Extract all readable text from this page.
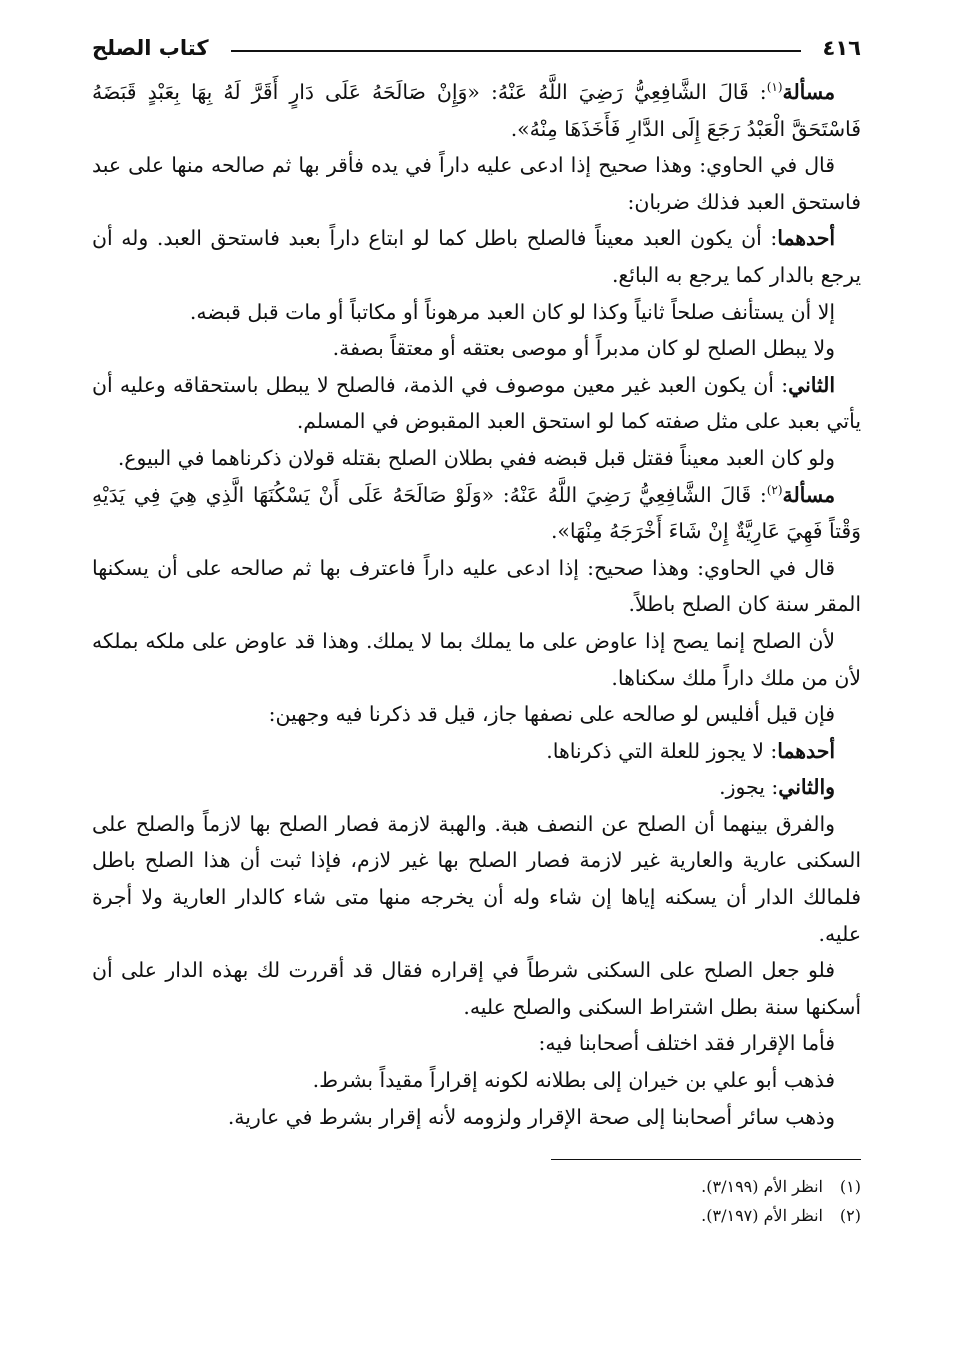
٤١٦
كتاب الصلح

مسألة$^{(١)}$: قَالَ الشَّافِعِيُّ رَضِيَ اللَّهُ عَنْهُ: «وَإِنْ صَالَحَهُ عَلَى دَارٍ أَقَرَّ لَهُ بِهَا بِعَبْدٍ قَبَضَهُ فَاسْتَحَقَّ الْعَبْدُ رَجَعَ إِلَى الدَّارِ فَأَخَذَهَا مِنْهُ».

قال في الحاوي: وهذا صحيح إذا ادعى عليه داراً في يده فأقر بها ثم صالحه منها على عبد فاستحق العبد فذلك ضربان:

أحدهما: أن يكون العبد معيناً فالصلح باطل كما لو ابتاع داراً بعبد فاستحق العبد. وله أن يرجع بالدار كما يرجع به البائع.

إلا أن يستأنف صلحاً ثانياً وكذا لو كان العبد مرهوناً أو مكاتباً أو مات قبل قبضه.

ولا يبطل الصلح لو كان مدبراً أو موصى بعتقه أو معتقاً بصفة.

الثاني: أن يكون العبد غير معين موصوف في الذمة، فالصلح لا يبطل باستحقاقه وعليه أن يأتي بعبد على مثل صفته كما لو استحق العبد المقبوض في المسلم.

ولو كان العبد معيناً فقتل قبل قبضه ففي بطلان الصلح بقتله قولان ذكرناهما في البيوع.

مسألة$^{(٢)}$: قَالَ الشَّافِعِيُّ رَضِيَ اللَّهُ عَنْهُ: «وَلَوْ صَالَحَهُ عَلَى أَنْ يَسْكُنَهَا الَّذِي هِيَ فِي يَدَيْهِ وَقْتاً فَهِيَ عَارِيَّةٌ إِنْ شَاءَ أَخْرَجَهُ مِنْهَا».

قال في الحاوي: وهذا صحيح: إذا ادعى عليه داراً فاعترف بها ثم صالحه على أن يسكنها المقر سنة كان الصلح باطلاً.

لأن الصلح إنما يصح إذا عاوض على ما يملك بما لا يملك. وهذا قد عاوض على ملكه بملكه لأن من ملك داراً ملك سكناها.

فإن قيل أفليس لو صالحه على نصفها جاز، قيل قد ذكرنا فيه وجهين:

أحدهما: لا يجوز للعلة التي ذكرناها.

والثاني: يجوز.

والفرق بينهما أن الصلح عن النصف هبة. والهبة لازمة فصار الصلح بها لازماً والصلح على السكنى عارية والعارية غير لازمة فصار الصلح بها غير لازم، فإذا ثبت أن هذا الصلح باطل فلمالك الدار أن يسكنه إياها إن شاء وله أن يخرجه منها متى شاء كالدار العارية ولا أجرة عليه.

فلو جعل الصلح على السكنى شرطاً في إقراره فقال قد أقررت لك بهذه الدار على أن أسكنها سنة بطل اشتراط السكنى والصلح عليه.

فأما الإقرار فقد اختلف أصحابنا فيه:

فذهب أبو علي بن خيران إلى بطلانه لكونه إقراراً مقيداً بشرط.

وذهب سائر أصحابنا إلى صحة الإقرار ولزومه لأنه إقرار بشرط في عارية.

(١)انظر الأم (٣/١٩٩).

(٢)انظر الأم (٣/١٩٧).
